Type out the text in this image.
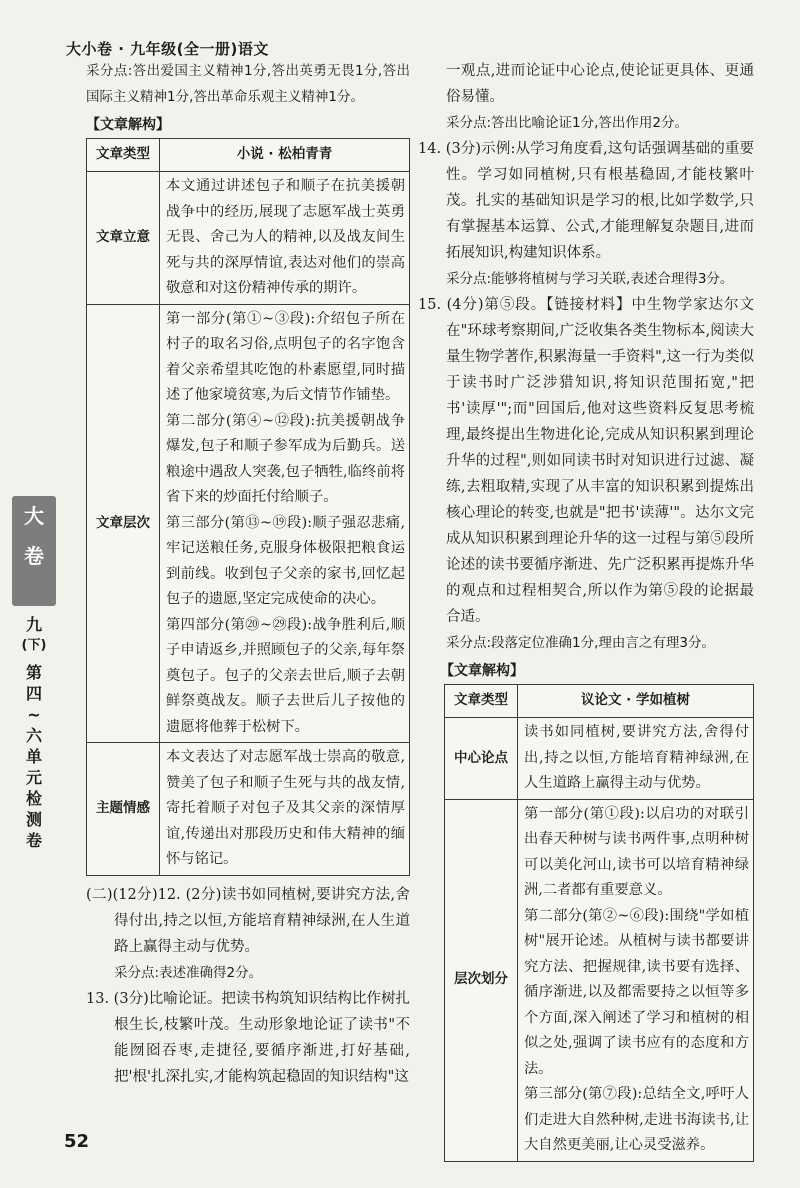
大小卷 · 九年级(全一册)语文
大
卷
九
(下)
第
四
~
六
单
元
检
测
卷

采分点:答出爱国主义精神1分,答出英勇无畏1分,答出国际主义精神1分,答出革命乐观主义精神1分。

【文章解构】
文章类型	小说 · 松柏青青
文章立意	本文通过讲述包子和顺子在抗美援朝战争中的经历,展现了志愿军战士英勇无畏、舍己为人的精神,以及战友间生死与共的深厚情谊,表达对他们的崇高敬意和对这份精神传承的期许。

文章层次	第一部分(第①~③段):介绍包子所在村子的取名习俗,点明包子的名字饱含着父亲希望其吃饱的朴素愿望,同时描述了他家境贫寒,为后文情节作铺垫。

第二部分(第④~⑫段):抗美援朝战争爆发,包子和顺子参军成为后勤兵。送粮途中遇敌人突袭,包子牺牲,临终前将省下来的炒面托付给顺子。

第三部分(第⑬~⑲段):顺子强忍悲痛,牢记送粮任务,克服身体极限把粮食运到前线。收到包子父亲的家书,回忆起包子的遗愿,坚定完成使命的决心。

第四部分(第⑳~㉙段):战争胜利后,顺子申请返乡,并照顾包子的父亲,每年祭奠包子。包子的父亲去世后,顺子去朝鲜祭奠战友。顺子去世后儿子按他的遗愿将他葬于松树下。

主题情感	本文表达了对志愿军战士崇高的敬意,赞美了包子和顺子生死与共的战友情,寄托着顺子对包子及其父亲的深情厚谊,传递出对那段历史和伟大精神的缅怀与铭记。

(二)(12分)12. (2分)读书如同植树,要讲究方法,舍得付出,持之以恒,方能培育精神绿洲,在人生道路上赢得主动与优势。

采分点:表述准确得2分。

13. (3分)比喻论证。把读书构筑知识结构比作树扎根生长,枝繁叶茂。生动形象地论证了读书"不能囫囵吞枣,走捷径,要循序渐进,打好基础,把'根'扎深扎实,才能构筑起稳固的知识结构"这

一观点,进而论证中心论点,使论证更具体、更通俗易懂。

采分点:答出比喻论证1分,答出作用2分。

14. (3分)示例:从学习角度看,这句话强调基础的重要性。学习如同植树,只有根基稳固,才能枝繁叶茂。扎实的基础知识是学习的根,比如学数学,只有掌握基本运算、公式,才能理解复杂题目,进而拓展知识,构建知识体系。

采分点:能够将植树与学习关联,表述合理得3分。

15. (4分)第⑤段。【链接材料】中生物学家达尔文在"环球考察期间,广泛收集各类生物标本,阅读大量生物学著作,积累海量一手资料",这一行为类似于读书时广泛涉猎知识,将知识范围拓宽,"把书'读厚'";而"回国后,他对这些资料反复思考梳理,最终提出生物进化论,完成从知识积累到理论升华的过程",则如同读书时对知识进行过滤、凝练,去粗取精,实现了从丰富的知识积累到提炼出核心理论的转变,也就是"把书'读薄'"。达尔文完成从知识积累到理论升华的这一过程与第⑤段所论述的读书要循序渐进、先广泛积累再提炼升华的观点和过程相契合,所以作为第⑤段的论据最合适。

采分点:段落定位准确1分,理由言之有理3分。

【文章解构】
文章类型	议论文 · 学如植树
中心论点	读书如同植树,要讲究方法,舍得付出,持之以恒,方能培育精神绿洲,在人生道路上赢得主动与优势。

层次划分	第一部分(第①段):以启功的对联引出春天种树与读书两件事,点明种树可以美化河山,读书可以培育精神绿洲,二者都有重要意义。

第二部分(第②~⑥段):围绕"学如植树"展开论述。从植树与读书都要讲究方法、把握规律,读书要有选择、循序渐进,以及都需要持之以恒等多个方面,深入阐述了学习和植树的相似之处,强调了读书应有的态度和方法。

第三部分(第⑦段):总结全文,呼吁人们走进大自然种树,走进书海读书,让大自然更美丽,让心灵受滋养。

52
